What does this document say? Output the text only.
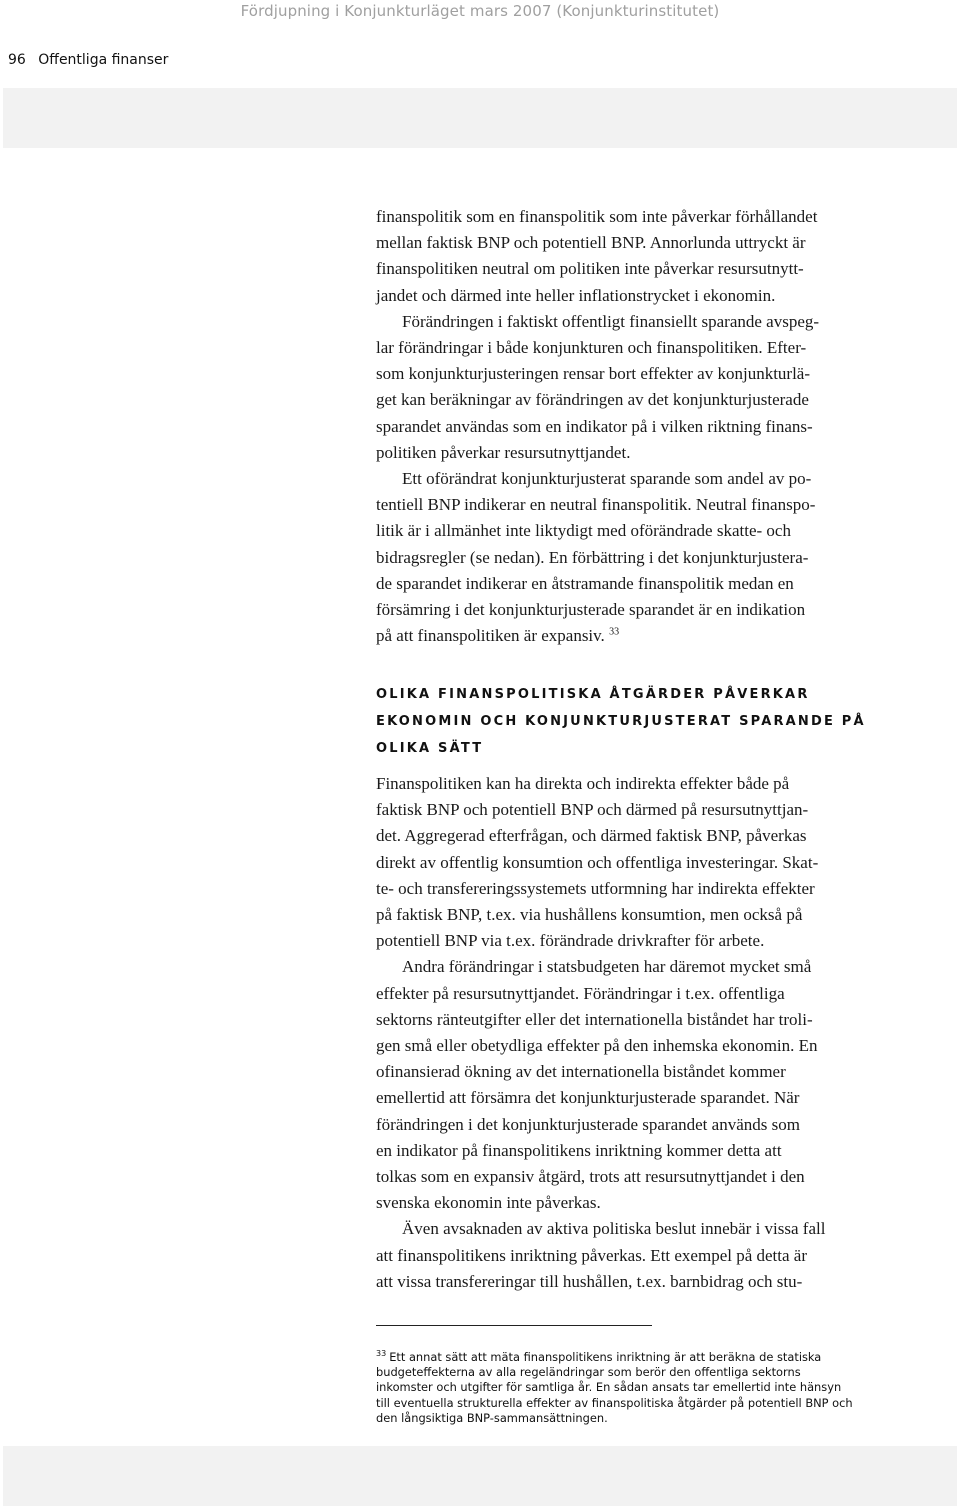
Fördjupning i Konjunkturläget mars 2007 (Konjunkturinstitutet)
96 Offentliga finanser

finanspolitik som en finanspolitik som inte påverkar förhållandet
mellan faktisk BNP och potentiell BNP. Annorlunda uttryckt är
finanspolitiken neutral om politiken inte påverkar resursutnytt-
jandet och därmed inte heller inflationstrycket i ekonomin.

Förändringen i faktiskt offentligt finansiellt sparande avspeg-
lar förändringar i både konjunkturen och finanspolitiken. Efter-
som konjunkturjusteringen rensar bort effekter av konjunkturlä-
get kan beräkningar av förändringen av det konjunkturjusterade
sparandet användas som en indikator på i vilken riktning finans-
politiken påverkar resursutnyttjandet.

Ett oförändrat konjunkturjusterat sparande som andel av po-
tentiell BNP indikerar en neutral finanspolitik. Neutral finanspo-
litik är i allmänhet inte liktydigt med oförändrade skatte- och
bidragsregler (se nedan). En förbättring i det konjunkturjustera-
de sparandet indikerar en åtstramande finanspolitik medan en
försämring i det konjunkturjusterade sparandet är en indikation
på att finanspolitiken är expansiv. $^{33}$

OLIKA FINANSPOLITISKA ÅTGÄRDER PÅVERKAR
EKONOMIN OCH KONJUNKTURJUSTERAT SPARANDE PÅ
OLIKA SÄTT

Finanspolitiken kan ha direkta och indirekta effekter både på
faktisk BNP och potentiell BNP och därmed på resursutnyttjan-
det. Aggregerad efterfrågan, och därmed faktisk BNP, påverkas
direkt av offentlig konsumtion och offentliga investeringar. Skat-
te- och transfereringssystemets utformning har indirekta effekter
på faktisk BNP, t.ex. via hushållens konsumtion, men också på
potentiell BNP via t.ex. förändrade drivkrafter för arbete.

Andra förändringar i statsbudgeten har däremot mycket små
effekter på resursutnyttjandet. Förändringar i t.ex. offentliga
sektorns ränteutgifter eller det internationella biståndet har troli-
gen små eller obetydliga effekter på den inhemska ekonomin. En
ofinansierad ökning av det internationella biståndet kommer
emellertid att försämra det konjunkturjusterade sparandet. När
förändringen i det konjunkturjusterade sparandet används som
en indikator på finanspolitikens inriktning kommer detta att
tolkas som en expansiv åtgärd, trots att resursutnyttjandet i den
svenska ekonomin inte påverkas.

Även avsaknaden av aktiva politiska beslut innebär i vissa fall
att finanspolitikens inriktning påverkas. Ett exempel på detta är
att vissa transfereringar till hushållen, t.ex. barnbidrag och stu-

$^{33}$ Ett annat sätt att mäta finanspolitikens inriktning är att beräkna de statiska
budgeteffekterna av alla regeländringar som berör den offentliga sektorns
inkomster och utgifter för samtliga år. En sådan ansats tar emellertid inte hänsyn
till eventuella strukturella effekter av finanspolitiska åtgärder på potentiell BNP och
den långsiktiga BNP-sammansättningen.
